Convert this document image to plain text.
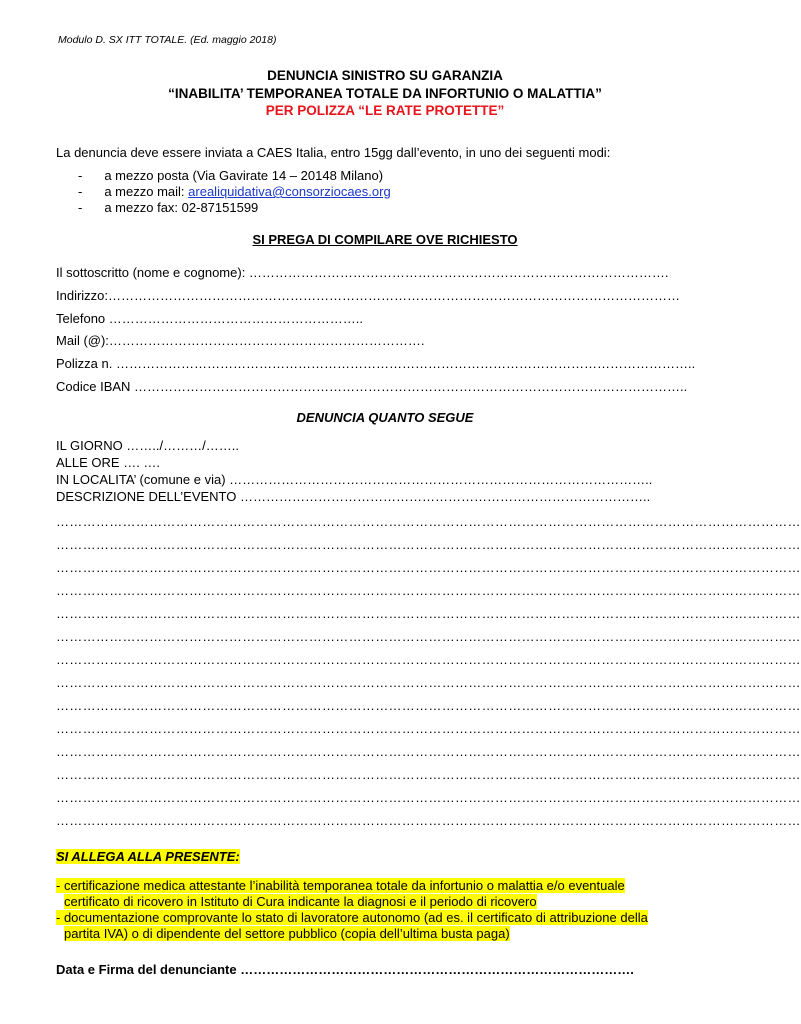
Modulo D. SX ITT TOTALE. (Ed. maggio 2018)
DENUNCIA SINISTRO SU GARANZIA
“INABILITA’ TEMPORANEA TOTALE DA INFORTUNIO O MALATTIA”
PER POLIZZA “LE RATE PROTETTE”
La denuncia deve essere inviata a CAES Italia, entro 15gg dall’evento, in uno dei seguenti modi:
- a mezzo posta (Via Gavirate 14 – 20148 Milano)
- a mezzo mail: arealiquidativa@consorziocaes.org
- a mezzo fax: 02-87151599
SI PREGA DI COMPILARE OVE RICHIESTO
Il sottoscritto (nome e cognome): …………………………………………………………………………………….
Indirizzo:……………………………………………………………………………………………………………………
Telefono …………………………………………………..
Mail (@):……………………………………………………………….
Polizza n. ……………………………………………………………………………………………………………………..
Codice IBAN ………………………………………………………………………………………………………………..
DENUNCIA QUANTO SEGUE
IL GIORNO ……../………/……..
ALLE ORE …. ….
IN LOCALITA’ (comune e via) ……………………………………………………………………………………..
DESCRIZIONE DELL’EVENTO …………………………………………………………………………………..
……………………………………………………………………………………………………………………………………………………
……………………………………………………………………………………………………………………………………………………
……………………………………………………………………………………………………………………………………………………
……………………………………………………………………………………………………………………………………………………
……………………………………………………………………………………………………………………………………………………
……………………………………………………………………………………………………………………………………………………
……………………………………………………………………………………………………………………………………………………
……………………………………………………………………………………………………………………………………………………
……………………………………………………………………………………………………………………………………………………
……………………………………………………………………………………………………………………………………………………
……………………………………………………………………………………………………………………………………………………
……………………………………………………………………………………………………………………………………………………
……………………………………………………………………………………………………………………………………………………
……………………………………………………………………………………………………………………………………………………
SI ALLEGA ALLA PRESENTE:
- certificazione medica attestante l’inabilità temporanea totale da infortunio o malattia e/o eventuale
certificato di ricovero in Istituto di Cura indicante la diagnosi e il periodo di ricovero
- documentazione comprovante lo stato di lavoratore autonomo (ad es. il certificato di attribuzione della
partita IVA) o di dipendente del settore pubblico (copia dell’ultima busta paga)
Data e Firma del denunciante ……………………………………………………………………………….
